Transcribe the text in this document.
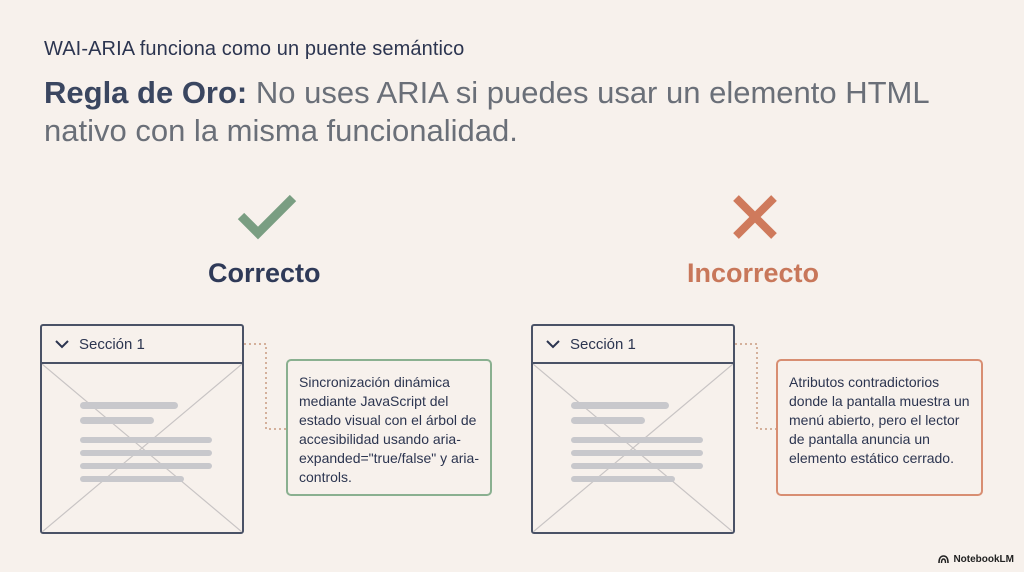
WAI-ARIA funciona como un puente semántico
Regla de Oro: No uses ARIA si puedes usar un elemento HTML nativo con la misma funcionalidad.
Correcto	Incorrecto
Sección 1
Sincronización dinámica mediante JavaScript del estado visual con el árbol de accesibilidad usando aria-expanded="true/false" y aria-controls.
Sección 1
Atributos contradictorios donde la pantalla muestra un menú abierto, pero el lector de pantalla anuncia un elemento estático cerrado.
NotebookLM
